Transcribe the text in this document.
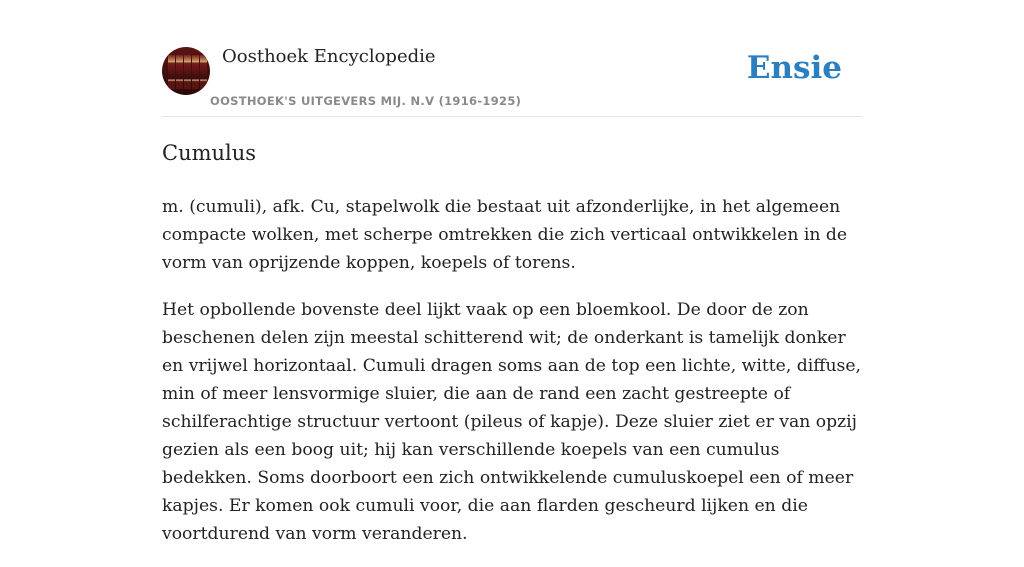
Oosthoek Encyclopedie
OOSTHOEK'S UITGEVERS MIJ. N.V (1916-1925)
Ensie
Cumulus

m. (cumuli), afk. Cu, stapelwolk die bestaat uit afzonderlijke, in het algemeen compacte wolken, met scherpe omtrekken die zich verticaal ontwikkelen in de vorm van oprijzende koppen, koepels of torens.

Het opbollende bovenste deel lijkt vaak op een bloemkool. De door de zon beschenen delen zijn meestal schitterend wit; de onderkant is tamelijk donker en vrijwel horizontaal. Cumuli dragen soms aan de top een lichte, witte, diffuse, min of meer lensvormige sluier, die aan de rand een zacht gestreepte of schilferachtige structuur vertoont (pileus of kapje). Deze sluier ziet er van opzij gezien als een boog uit; hij kan verschillende koepels van een cumulus bedekken. Soms doorboort een zich ontwikkelende cumuluskoepel een of meer kapjes. Er komen ook cumuli voor, die aan flarden gescheurd lijken en die voortdurend van vorm veranderen.
